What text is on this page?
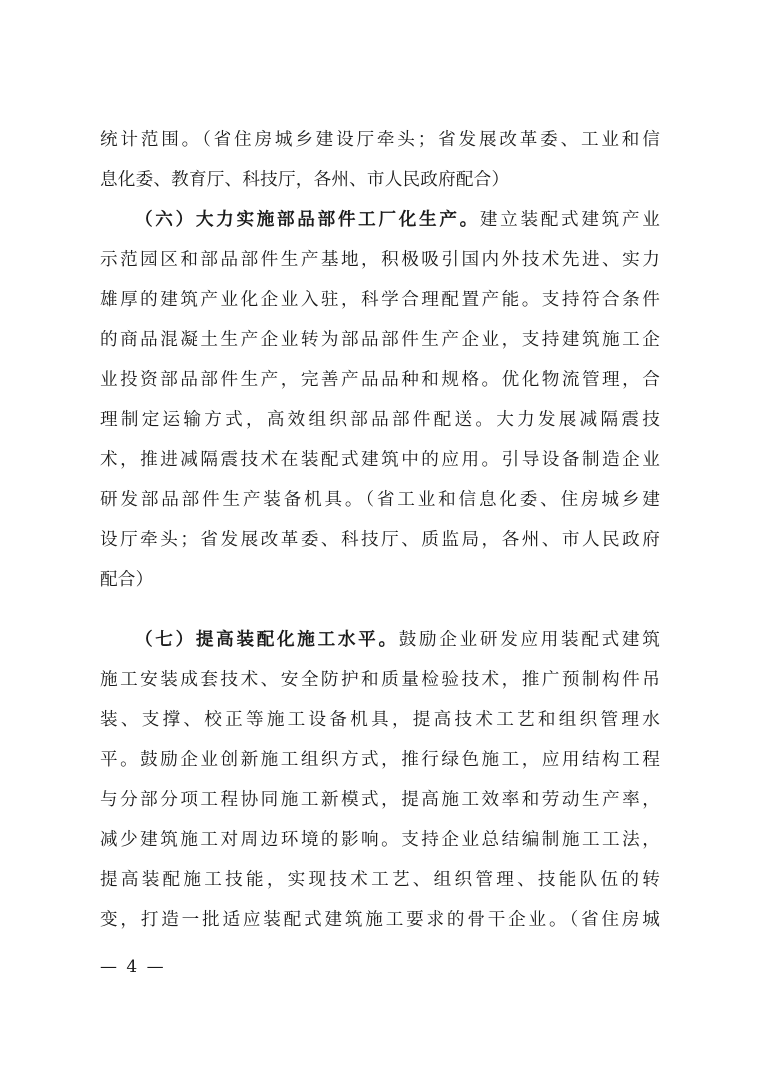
统计范围。（省住房城乡建设厅牵头；省发展改革委、工业和信
息化委、教育厅、科技厅，各州、市人民政府配合）
（六）大力实施部品部件工厂化生产。建立装配式建筑产业
示范园区和部品部件生产基地，积极吸引国内外技术先进、实力
雄厚的建筑产业化企业入驻，科学合理配置产能。支持符合条件
的商品混凝土生产企业转为部品部件生产企业，支持建筑施工企
业投资部品部件生产，完善产品品种和规格。优化物流管理，合
理制定运输方式，高效组织部品部件配送。大力发展减隔震技
术，推进减隔震技术在装配式建筑中的应用。引导设备制造企业
研发部品部件生产装备机具。（省工业和信息化委、住房城乡建
设厅牵头；省发展改革委、科技厅、质监局，各州、市人民政府
配合）
（七）提高装配化施工水平。鼓励企业研发应用装配式建筑
施工安装成套技术、安全防护和质量检验技术，推广预制构件吊
装、支撑、校正等施工设备机具，提高技术工艺和组织管理水
平。鼓励企业创新施工组织方式，推行绿色施工，应用结构工程
与分部分项工程协同施工新模式，提高施工效率和劳动生产率，
减少建筑施工对周边环境的影响。支持企业总结编制施工工法，
提高装配施工技能，实现技术工艺、组织管理、技能队伍的转
变，打造一批适应装配式建筑施工要求的骨干企业。（省住房城
— 4 —
